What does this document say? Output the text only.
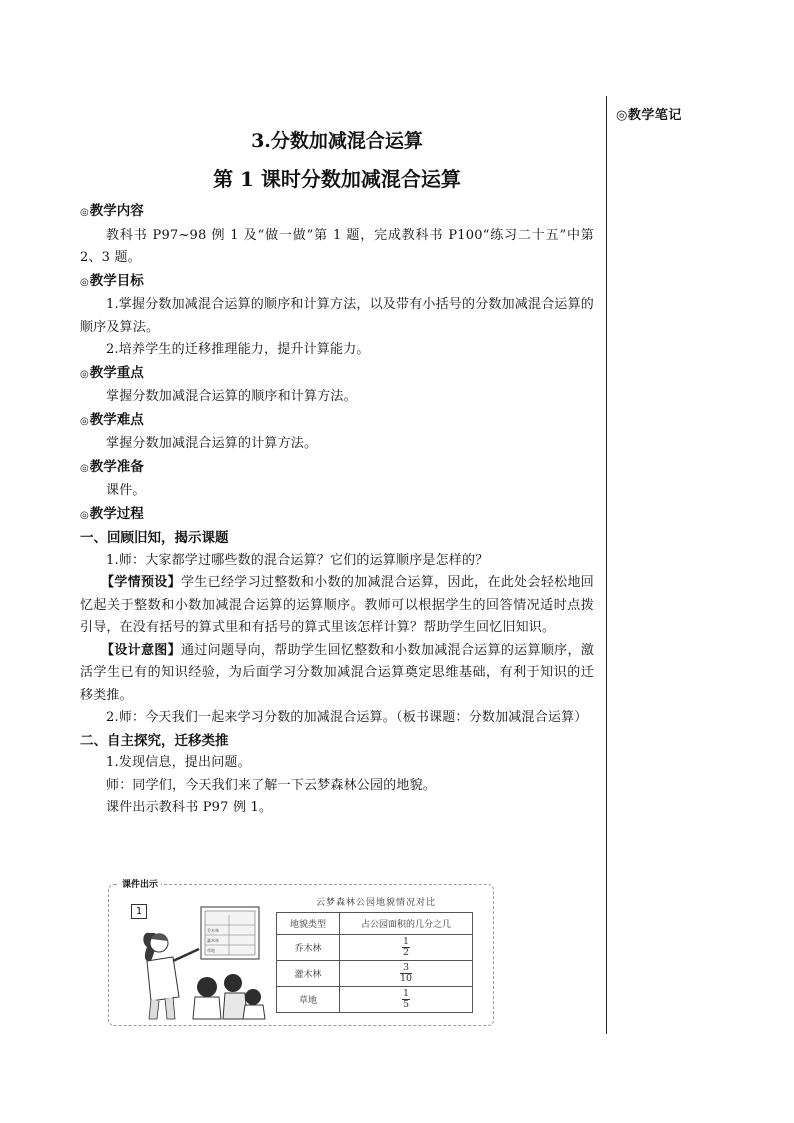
◎教学笔记
3.分数加减混合运算
第 1 课时分数加减混合运算
◎教学内容

教科书 P97~98 例 1 及“做一做”第 1 题，完成教科书 P100“练习二十五”中第 2、3 题。

◎教学目标

1.掌握分数加减混合运算的顺序和计算方法，以及带有小括号的分数加减混合运算的顺序及算法。

2.培养学生的迁移推理能力，提升计算能力。

◎教学重点

掌握分数加减混合运算的顺序和计算方法。

◎教学难点

掌握分数加减混合运算的计算方法。

◎教学准备

课件。

◎教学过程
一、回顾旧知，揭示课题

1.师：大家都学过哪些数的混合运算？它们的运算顺序是怎样的？

【学情预设】学生已经学习过整数和小数的加减混合运算，因此，在此处会轻松地回忆起关于整数和小数加减混合运算的运算顺序。教师可以根据学生的回答情况适时点拨引导，在没有括号的算式里和有括号的算式里该怎样计算？帮助学生回忆旧知识。

【设计意图】通过问题导向，帮助学生回忆整数和小数加减混合运算的运算顺序，激活学生已有的知识经验，为后面学习分数加减混合运算奠定思维基础，有利于知识的迁移类推。

2.师：今天我们一起来学习分数的加减混合运算。（板书课题：分数加减混合运算）

二、自主探究，迁移类推

1.发现信息，提出问题。

师：同学们，今天我们来了解一下云梦森林公园的地貌。

课件出示教科书 P97 例 1。

课件出示
1
乔木林
灌木林
草地
云梦森林公园地貌情况对比
地貌类型	占公园面积的几分之几
乔木林	$\frac{1}{2}$

灌木林	$\frac{3}{10}$

草地	$\frac{1}{5}$
